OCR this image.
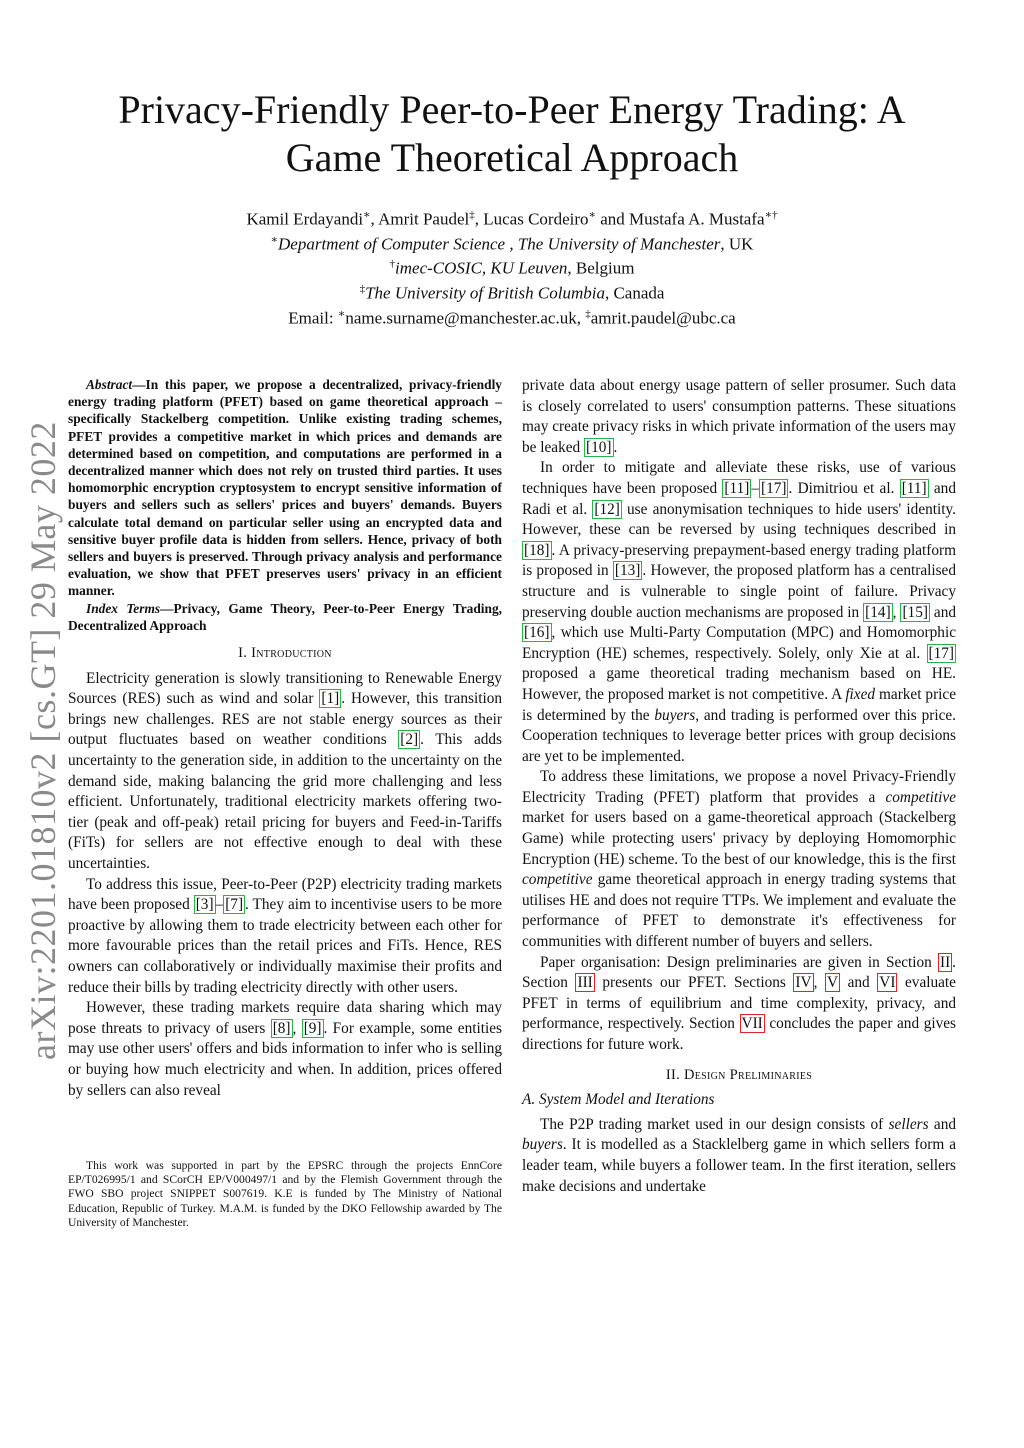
arXiv:2201.01810v2 [cs.GT] 29 May 2022
Privacy-Friendly Peer-to-Peer Energy Trading: A
Game Theoretical Approach
Kamil Erdayandi∗, Amrit Paudel‡, Lucas Cordeiro∗ and Mustafa A. Mustafa∗†
∗Department of Computer Science , The University of Manchester, UK
†imec-COSIC, KU Leuven, Belgium
‡The University of British Columbia, Canada
Email: ∗name.surname@manchester.ac.uk, ‡amrit.paudel@ubc.ca

Abstract—In this paper, we propose a decentralized, privacy-friendly energy trading platform (PFET) based on game theoretical approach – specifically Stackelberg competition. Unlike existing trading schemes, PFET provides a competitive market in which prices and demands are determined based on competition, and computations are performed in a decentralized manner which does not rely on trusted third parties. It uses homomorphic encryption cryptosystem to encrypt sensitive information of buyers and sellers such as sellers' prices and buyers' demands. Buyers calculate total demand on particular seller using an encrypted data and sensitive buyer profile data is hidden from sellers. Hence, privacy of both sellers and buyers is preserved. Through privacy analysis and performance evaluation, we show that PFET preserves users' privacy in an efficient manner.

Index Terms—Privacy, Game Theory, Peer-to-Peer Energy Trading, Decentralized Approach

I. Introduction

Electricity generation is slowly transitioning to Renewable Energy Sources (RES) such as wind and solar [1] . However, this transition brings new challenges. RES are not stable energy sources as their output fluctuates based on weather conditions [2] . This adds uncertainty to the generation side, in addition to the uncertainty on the demand side, making balancing the grid more challenging and less efficient. Unfortunately, traditional electricity markets offering two-tier (peak and off-peak) retail pricing for buyers and Feed-in-Tariffs (FiTs) for sellers are not effective enough to deal with these uncertainties.

To address this issue, Peer-to-Peer (P2P) electricity trading markets have been proposed [3] – [7] . They aim to incentivise users to be more proactive by allowing them to trade electricity between each other for more favourable prices than the retail prices and FiTs. Hence, RES owners can collaboratively or individually maximise their profits and reduce their bills by trading electricity directly with other users.

However, these trading markets require data sharing which may pose threats to privacy of users [8] , [9] . For example, some entities may use other users' offers and bids information to infer who is selling or buying how much electricity and when. In addition, prices offered by sellers can also reveal

This work was supported in part by the EPSRC through the projects EnnCore EP/T026995/1 and SCorCH EP/V000497/1 and by the Flemish Government through the FWO SBO project SNIPPET S007619. K.E is funded by The Ministry of National Education, Republic of Turkey. M.A.M. is funded by the DKO Fellowship awarded by The University of Manchester.

private data about energy usage pattern of seller prosumer. Such data is closely correlated to users' consumption patterns. These situations may create privacy risks in which private information of the users may be leaked [10] .

In order to mitigate and alleviate these risks, use of various techniques have been proposed [11] – [17] . Dimitriou et al. [11] and Radi et al. [12] use anonymisation techniques to hide users' identity. However, these can be reversed by using techniques described in [18] . A privacy-preserving prepayment-based energy trading platform is proposed in [13] . However, the proposed platform has a centralised structure and is vulnerable to single point of failure. Privacy preserving double auction mechanisms are proposed in [14] , [15] and [16] , which use Multi-Party Computation (MPC) and Homomorphic Encryption (HE) schemes, respectively. Solely, only Xie at al. [17] proposed a game theoretical trading mechanism based on HE. However, the proposed market is not competitive. A fixed market price is determined by the buyers, and trading is performed over this price. Cooperation techniques to leverage better prices with group decisions are yet to be implemented.

To address these limitations, we propose a novel Privacy-Friendly Electricity Trading (PFET) platform that provides a competitive market for users based on a game-theoretical approach (Stackelberg Game) while protecting users' privacy by deploying Homomorphic Encryption (HE) scheme. To the best of our knowledge, this is the first competitive game theoretical approach in energy trading systems that utilises HE and does not require TTPs. We implement and evaluate the performance of PFET to demonstrate it's effectiveness for communities with different number of buyers and sellers.

Paper organisation: Design preliminaries are given in Section II . Section III presents our PFET. Sections IV , V and VI evaluate PFET in terms of equilibrium and time complexity, privacy, and performance, respectively. Section VII concludes the paper and gives directions for future work.

II. Design Preliminaries
A. System Model and Iterations

The P2P trading market used in our design consists of sellers and buyers. It is modelled as a Stacklelberg game in which sellers form a leader team, while buyers a follower team. In the first iteration, sellers make decisions and undertake
